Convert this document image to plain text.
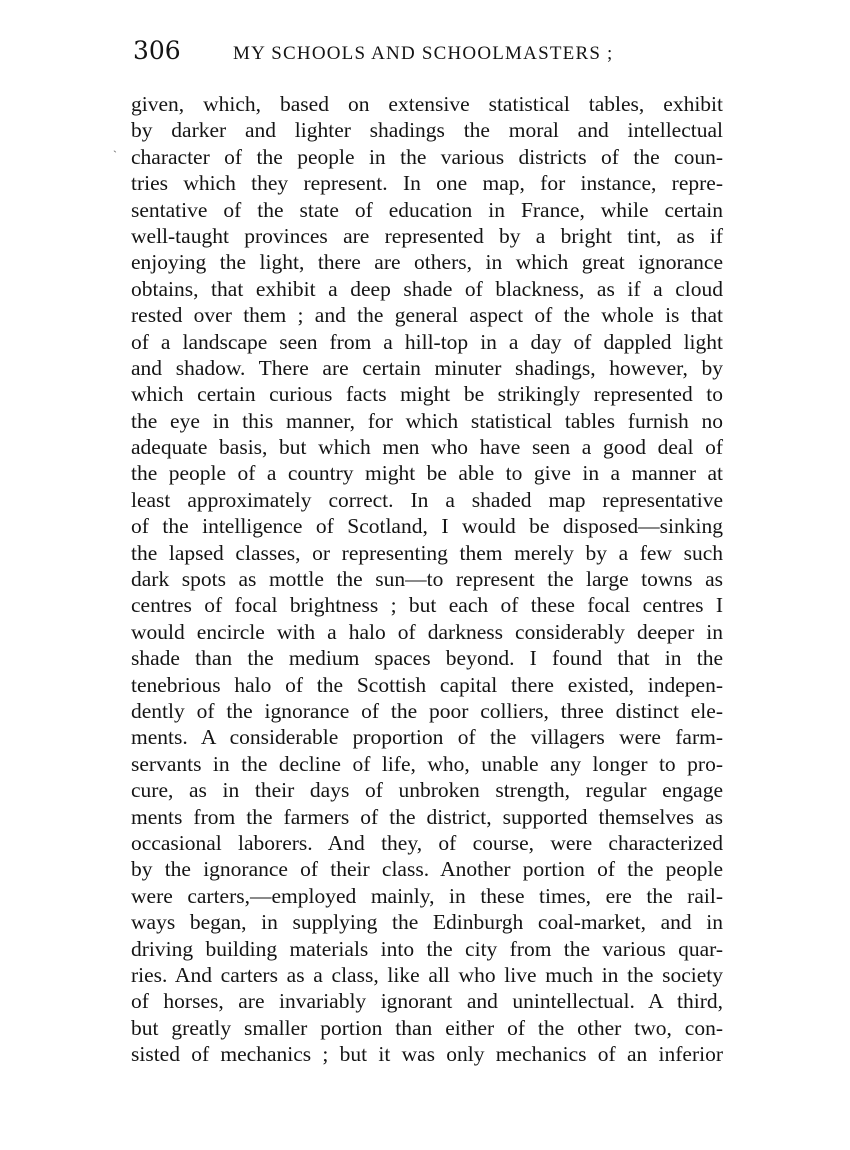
306	MY SCHOOLS AND SCHOOLMASTERS ;
ˋ
given, which, based on extensive statistical tables, exhibit
by darker and lighter shadings the moral and intellectual
character of the people in the various districts of the coun-
tries which they represent. In one map, for instance, repre-
sentative of the state of education in France, while certain
well-taught provinces are represented by a bright tint, as if
enjoying the light, there are others, in which great ignorance
obtains, that exhibit a deep shade of blackness, as if a cloud
rested over them ; and the general aspect of the whole is that
of a landscape seen from a hill-top in a day of dappled light
and shadow. There are certain minuter shadings, however, by
which certain curious facts might be strikingly represented to
the eye in this manner, for which statistical tables furnish no
adequate basis, but which men who have seen a good deal of
the people of a country might be able to give in a manner at
least approximately correct. In a shaded map representative
of the intelligence of Scotland, I would be disposed—sinking
the lapsed classes, or representing them merely by a few such
dark spots as mottle the sun—to represent the large towns as
centres of focal brightness ; but each of these focal centres I
would encircle with a halo of darkness considerably deeper in
shade than the medium spaces beyond. I found that in the
tenebrious halo of the Scottish capital there existed, indepen-
dently of the ignorance of the poor colliers, three distinct ele-
ments. A considerable proportion of the villagers were farm-
servants in the decline of life, who, unable any longer to pro-
cure, as in their days of unbroken strength, regular engage
ments from the farmers of the district, supported themselves as
occasional laborers. And they, of course, were characterized
by the ignorance of their class. Another portion of the people
were carters,—employed mainly, in these times, ere the rail-
ways began, in supplying the Edinburgh coal-market, and in
driving building materials into the city from the various quar-
ries. And carters as a class, like all who live much in the society
of horses, are invariably ignorant and unintellectual. A third,
but greatly smaller portion than either of the other two, con-
sisted of mechanics ; but it was only mechanics of an inferior
